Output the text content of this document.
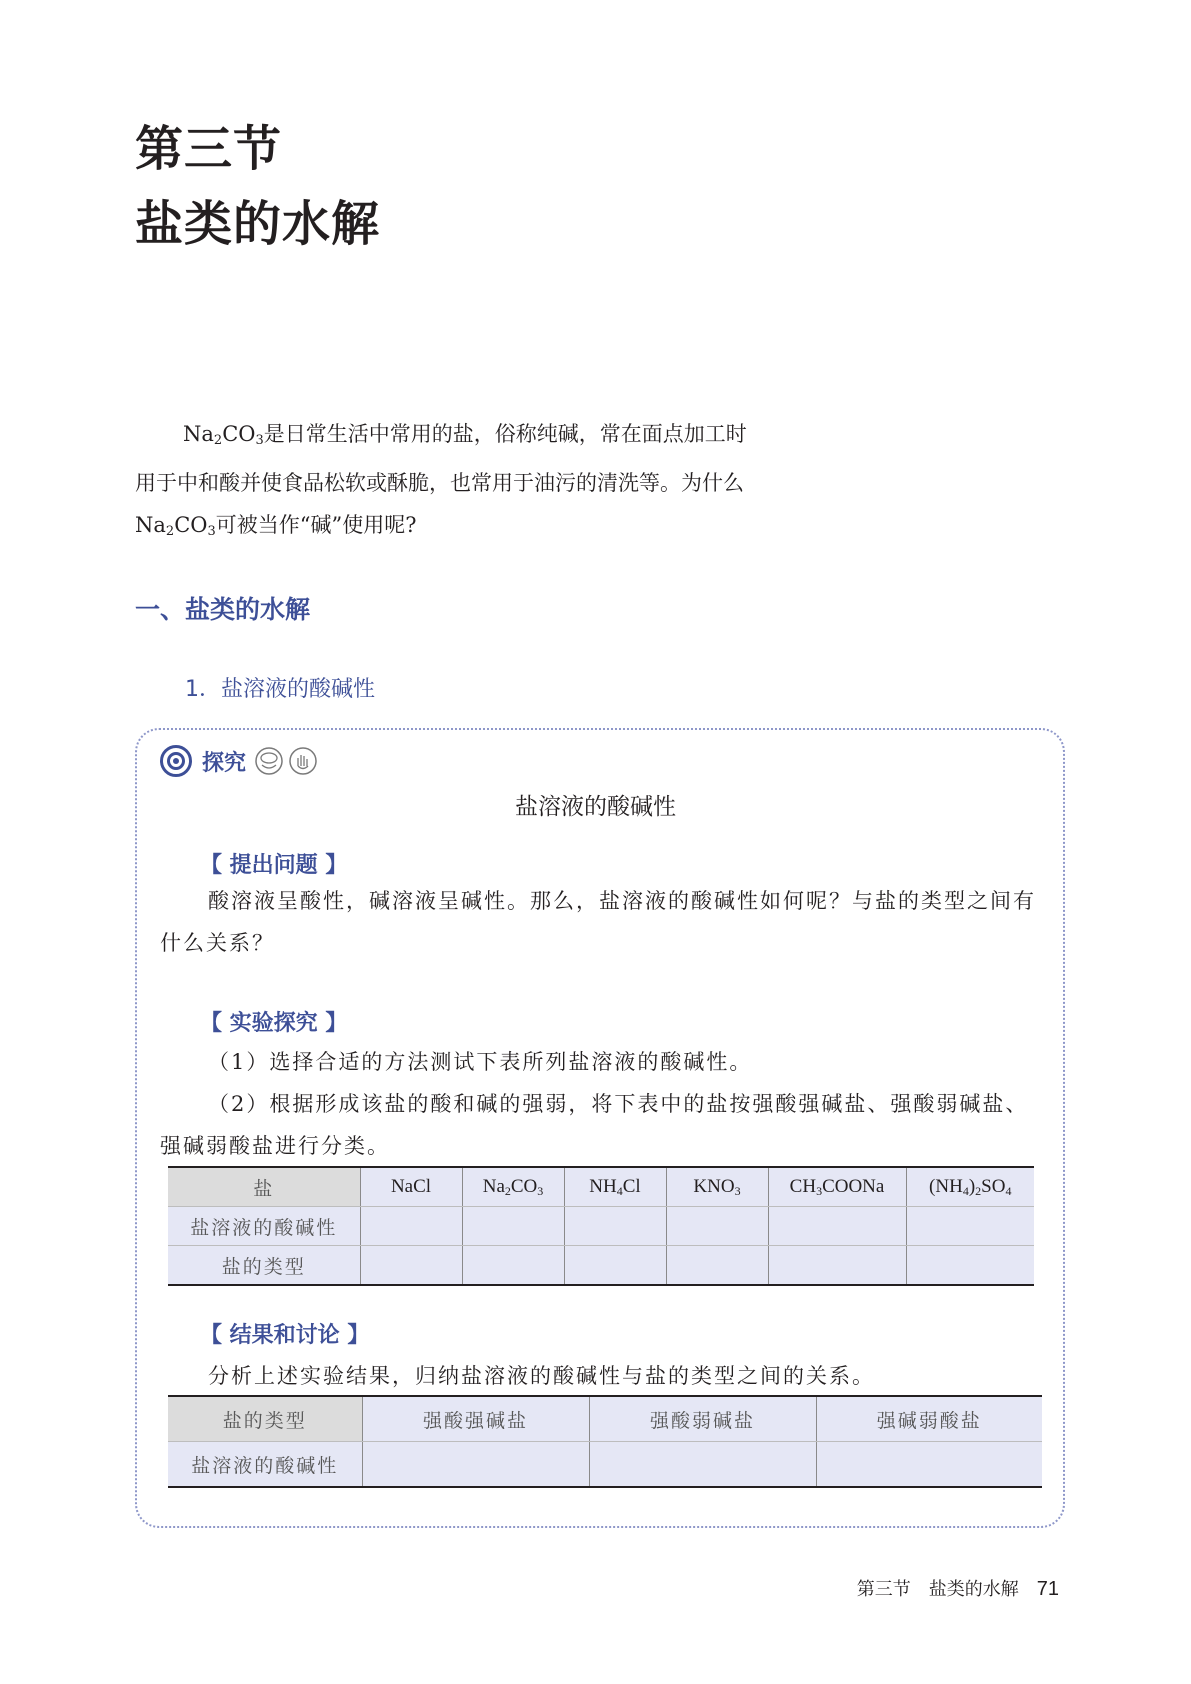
第三节
盐类的水解

$Na_2CO_3$是日常生活中常用的盐，俗称纯碱，常在面点加工时用于中和酸并使食品松软或酥脆，也常用于油污的清洗等。为什么$Na_2CO_3$可被当作“碱”使用呢?

一、盐类的水解
1．盐溶液的酸碱性
探究
盐溶液的酸碱性
【 提出问题 】

酸溶液呈酸性，碱溶液呈碱性。那么，盐溶液的酸碱性如何呢？与盐的类型之间有什么关系？

【 实验探究 】

（1）选择合适的方法测试下表所列盐溶液的酸碱性。

（2）根据形成该盐的酸和碱的强弱，将下表中的盐按强酸强碱盐、强酸弱碱盐、强碱弱酸盐进行分类。

盐	NaCl	$Na_2CO_3$	$NH_4Cl$	$KNO_3$	$CH_3COONa$	$(NH_4)_2SO_4$
盐溶液的酸碱性						
盐的类型						
【 结果和讨论 】

分析上述实验结果，归纳盐溶液的酸碱性与盐的类型之间的关系。

盐的类型	强酸强碱盐	强酸弱碱盐	强碱弱酸盐
盐溶液的酸碱性			
第三节　盐类的水解 71
